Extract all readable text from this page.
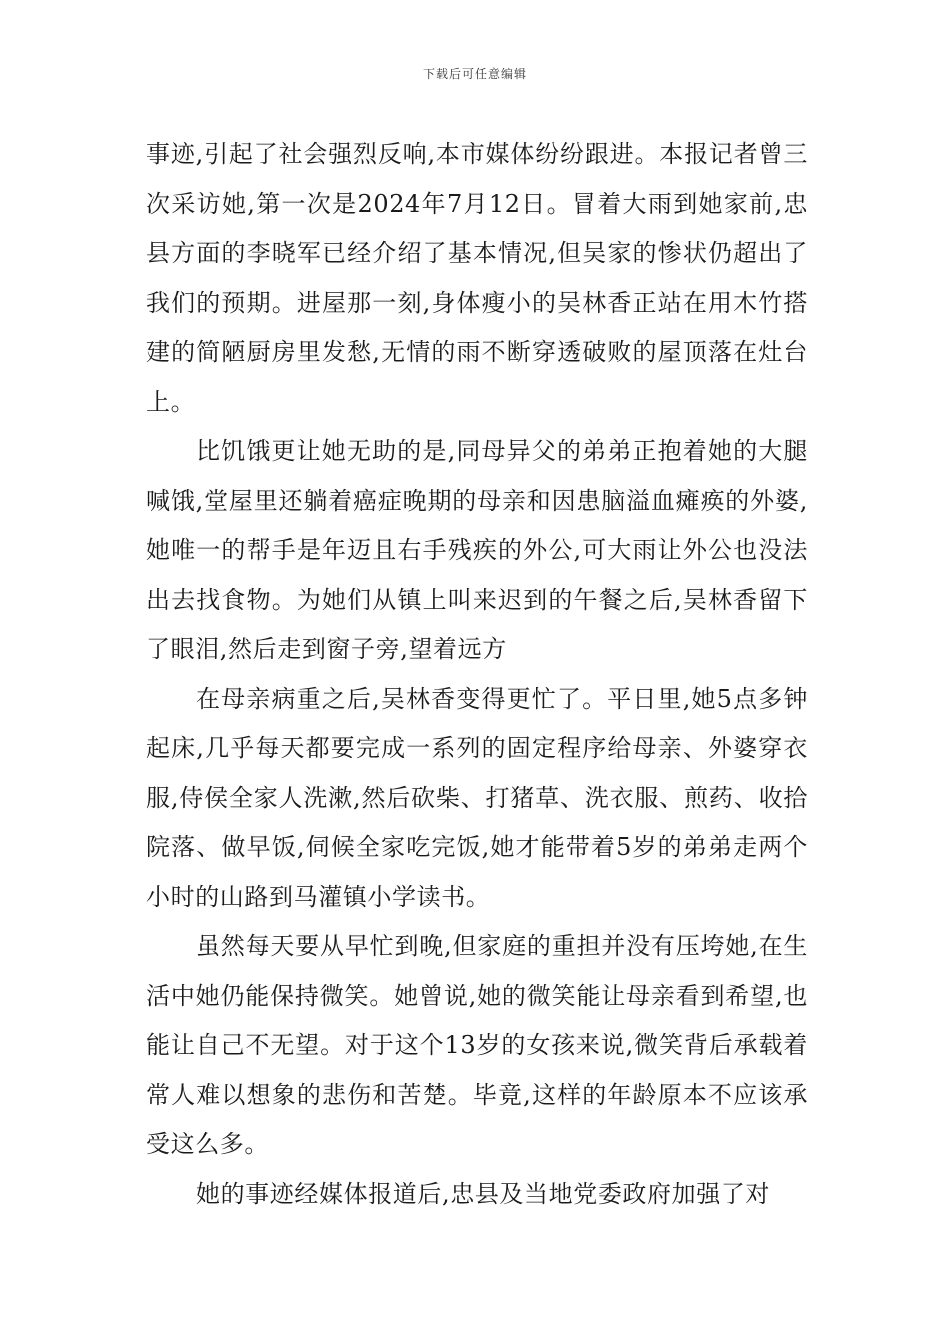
下载后可任意编辑

事迹,引起了社会强烈反响,本市媒体纷纷跟进。本报记者曾三次采访她,第一次是2024年7月12日。冒着大雨到她家前,忠县方面的李晓军已经介绍了基本情况,但吴家的惨状仍超出了我们的预期。进屋那一刻,身体瘦小的吴林香正站在用木竹搭建的简陋厨房里发愁,无情的雨不断穿透破败的屋顶落在灶台上。

比饥饿更让她无助的是,同母异父的弟弟正抱着她的大腿喊饿,堂屋里还躺着癌症晚期的母亲和因患脑溢血瘫痪的外婆,她唯一的帮手是年迈且右手残疾的外公,可大雨让外公也没法出去找食物。为她们从镇上叫来迟到的午餐之后,吴林香留下了眼泪,然后走到窗子旁,望着远方

在母亲病重之后,吴林香变得更忙了。平日里,她5点多钟起床,几乎每天都要完成一系列的固定程序给母亲、外婆穿衣服,侍侯全家人洗漱,然后砍柴、打猪草、洗衣服、煎药、收拾院落、做早饭,伺候全家吃完饭,她才能带着5岁的弟弟走两个小时的山路到马灌镇小学读书。

虽然每天要从早忙到晚,但家庭的重担并没有压垮她,在生活中她仍能保持微笑。她曾说,她的微笑能让母亲看到希望,也能让自己不无望。对于这个13岁的女孩来说,微笑背后承载着常人难以想象的悲伤和苦楚。毕竟,这样的年龄原本不应该承受这么多。

她的事迹经媒体报道后,忠县及当地党委政府加强了对
